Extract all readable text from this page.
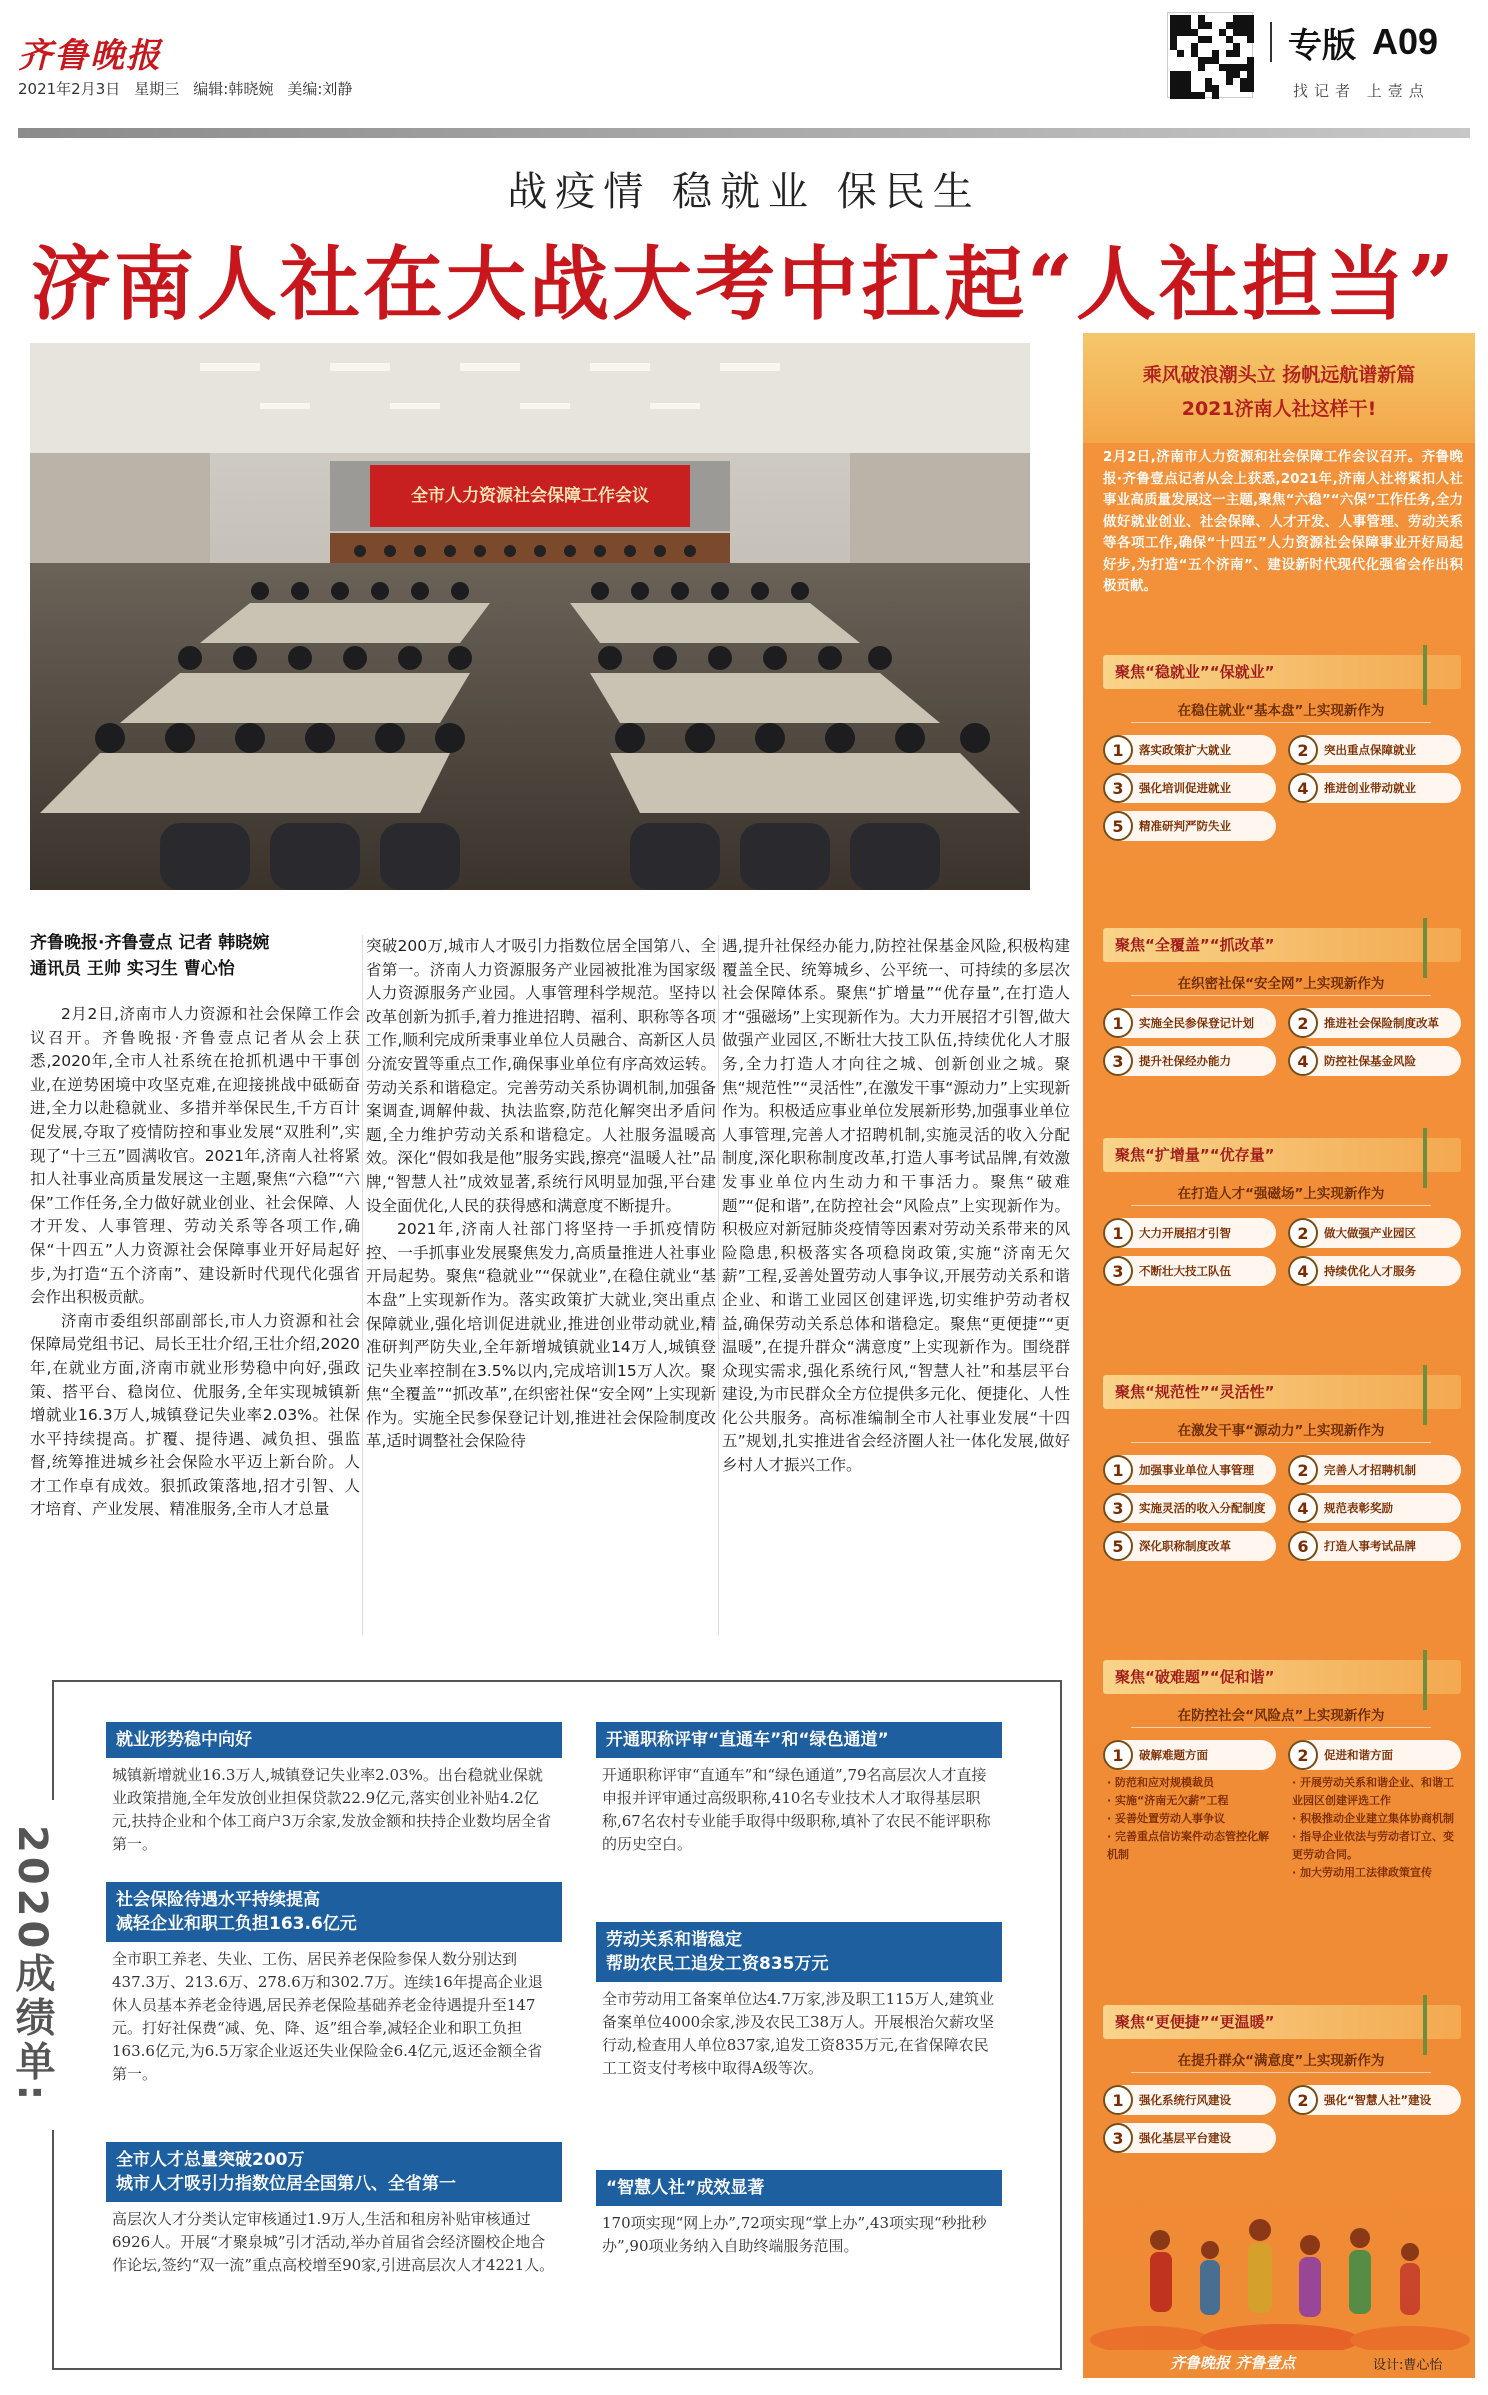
齐鲁晚报
2021年2月3日 星期三 编辑:韩晓婉 美编:刘静
专版 A09
找记者 上壹点
战疫情 稳就业 保民生
济南人社在大战大考中扛起“人社担当”
全市人力资源社会保障工作会议
齐鲁晚报·齐鲁壹点 记者 韩晓婉
通讯员 王帅 实习生 曹心怡

2月2日,济南市人力资源和社会保障工作会议召开。齐鲁晚报·齐鲁壹点记者从会上获悉,2020年,全市人社系统在抢抓机遇中干事创业,在逆势困境中攻坚克难,在迎接挑战中砥砺奋进,全力以赴稳就业、多措并举保民生,千方百计促发展,夺取了疫情防控和事业发展“双胜利”,实现了“十三五”圆满收官。2021年,济南人社将紧扣人社事业高质量发展这一主题,聚焦“六稳”“六保”工作任务,全力做好就业创业、社会保障、人才开发、人事管理、劳动关系等各项工作,确保“十四五”人力资源社会保障事业开好局起好步,为打造“五个济南”、建设新时代现代化强省会作出积极贡献。

济南市委组织部副部长,市人力资源和社会保障局党组书记、局长王壮介绍,王壮介绍,2020年,在就业方面,济南市就业形势稳中向好,强政策、搭平台、稳岗位、优服务,全年实现城镇新增就业16.3万人,城镇登记失业率2.03%。社保水平持续提高。扩覆、提待遇、减负担、强监督,统筹推进城乡社会保险水平迈上新台阶。人才工作卓有成效。狠抓政策落地,招才引智、人才培育、产业发展、精准服务,全市人才总量

突破200万,城市人才吸引力指数位居全国第八、全省第一。济南人力资源服务产业园被批准为国家级人力资源服务产业园。人事管理科学规范。坚持以改革创新为抓手,着力推进招聘、福利、职称等各项工作,顺利完成所秉事业单位人员融合、高新区人员分流安置等重点工作,确保事业单位有序高效运转。劳动关系和谐稳定。完善劳动关系协调机制,加强备案调查,调解仲裁、执法监察,防范化解突出矛盾问题,全力维护劳动关系和谐稳定。人社服务温暖高效。深化“假如我是他”服务实践,擦亮“温暖人社”品牌,“智慧人社”成效显著,系统行风明显加强,平台建设全面优化,人民的获得感和满意度不断提升。

2021年,济南人社部门将坚持一手抓疫情防控、一手抓事业发展聚焦发力,高质量推进人社事业开局起势。聚焦“稳就业”“保就业”,在稳住就业“基本盘”上实现新作为。落实政策扩大就业,突出重点保障就业,强化培训促进就业,推进创业带动就业,精准研判严防失业,全年新增城镇就业14万人,城镇登记失业率控制在3.5%以内,完成培训15万人次。聚焦“全覆盖”“抓改革”,在织密社保“安全网”上实现新作为。实施全民参保登记计划,推进社会保险制度改革,适时调整社会保险待

遇,提升社保经办能力,防控社保基金风险,积极构建覆盖全民、统筹城乡、公平统一、可持续的多层次社会保障体系。聚焦“扩增量”“优存量”,在打造人才“强磁场”上实现新作为。大力开展招才引智,做大做强产业园区,不断壮大技工队伍,持续优化人才服务,全力打造人才向往之城、创新创业之城。聚焦“规范性”“灵活性”,在激发干事“源动力”上实现新作为。积极适应事业单位发展新形势,加强事业单位人事管理,完善人才招聘机制,实施灵活的收入分配制度,深化职称制度改革,打造人事考试品牌,有效激发事业单位内生动力和干事活力。聚焦“破难题”“促和谐”,在防控社会“风险点”上实现新作为。积极应对新冠肺炎疫情等因素对劳动关系带来的风险隐患,积极落实各项稳岗政策,实施“济南无欠薪”工程,妥善处置劳动人事争议,开展劳动关系和谐企业、和谐工业园区创建评选,切实维护劳动者权益,确保劳动关系总体和谐稳定。聚焦“更便捷”“更温暖”,在提升群众“满意度”上实现新作为。围绕群众现实需求,强化系统行风,“智慧人社”和基层平台建设,为市民群众全方位提供多元化、便捷化、人性化公共服务。高标准编制全市人社事业发展“十四五”规划,扎实推进省会经济圈人社一体化发展,做好乡村人才振兴工作。

乘风破浪潮头立 扬帆远航谱新篇
2021济南人社这样干!
2月2日,济南市人力资源和社会保障工作会议召开。齐鲁晚报·齐鲁壹点记者从会上获悉,2021年,济南人社将紧扣人社事业高质量发展这一主题,聚焦“六稳”“六保”工作任务,全力做好就业创业、社会保障、人才开发、人事管理、劳动关系等各项工作,确保“十四五”人力资源社会保障事业开好局起好步,为打造“五个济南”、建设新时代现代化强省会作出积极贡献。
聚焦“稳就业”“保就业”
在稳住就业“基本盘”上实现新作为
1	落实政策扩大就业	2	突出重点保障就业
3	强化培训促进就业	4	推进创业带动就业
5	精准研判严防失业
聚焦“全覆盖”“抓改革”
在织密社保“安全网”上实现新作为
1	实施全民参保登记计划	2	推进社会保险制度改革
3	提升社保经办能力	4	防控社保基金风险
聚焦“扩增量”“优存量”
在打造人才“强磁场”上实现新作为
1	大力开展招才引智	2	做大做强产业园区
3	不断壮大技工队伍	4	持续优化人才服务
聚焦“规范性”“灵活性”
在激发干事“源动力”上实现新作为
1	加强事业单位人事管理	2	完善人才招聘机制
3	实施灵活的收入分配制度	4	规范表彰奖励
5	深化职称制度改革	6	打造人事考试品牌
聚焦“破难题”“促和谐”
在防控社会“风险点”上实现新作为
1	破解难题方面
· 防范和应对规模裁员
· 实施“济南无欠薪”工程
· 妥善处置劳动人事争议
· 完善重点信访案件动态管控化解机制
2	促进和谐方面
· 开展劳动关系和谐企业、和谐工业园区创建评选工作
· 积极推动企业建立集体协商机制
· 指导企业依法与劳动者订立、变更劳动合同。
· 加大劳动用工法律政策宣传
聚焦“更便捷”“更温暖”
在提升群众“满意度”上实现新作为
1	强化系统行风建设	2	强化“智慧人社”建设
3	强化基层平台建设
齐鲁晚报 齐鲁壹点	设计:曹心怡
2020成绩单:
就业形势稳中向好
城镇新增就业16.3万人,城镇登记失业率2.03%。出台稳就业保就业政策措施,全年发放创业担保贷款22.9亿元,落实创业补贴4.2亿元,扶持企业和个体工商户3万余家,发放金额和扶持企业数均居全省第一。
社会保险待遇水平持续提高
减轻企业和职工负担163.6亿元
全市职工养老、失业、工伤、居民养老保险参保人数分别达到437.3万、213.6万、278.6万和302.7万。连续16年提高企业退休人员基本养老金待遇,居民养老保险基础养老金待遇提升至147元。打好社保费“减、免、降、返”组合拳,减轻企业和职工负担163.6亿元,为6.5万家企业返还失业保险金6.4亿元,返还金额全省第一。
全市人才总量突破200万
城市人才吸引力指数位居全国第八、全省第一
高层次人才分类认定审核通过1.9万人,生活和租房补贴审核通过6926人。开展“才聚泉城”引才活动,举办首届省会经济圈校企地合作论坛,签约“双一流”重点高校增至90家,引进高层次人才4221人。
开通职称评审“直通车”和“绿色通道”
开通职称评审“直通车”和“绿色通道”,79名高层次人才直接申报并评审通过高级职称,410名专业技术人才取得基层职称,67名农村专业能手取得中级职称,填补了农民不能评职称的历史空白。
劳动关系和谐稳定
帮助农民工追发工资835万元
全市劳动用工备案单位达4.7万家,涉及职工115万人,建筑业备案单位4000余家,涉及农民工38万人。开展根治欠薪攻坚行动,检查用人单位837家,追发工资835万元,在省保障农民工工资支付考核中取得A级等次。
“智慧人社”成效显著
170项实现“网上办”,72项实现“掌上办”,43项实现“秒批秒办”,90项业务纳入自助终端服务范围。
